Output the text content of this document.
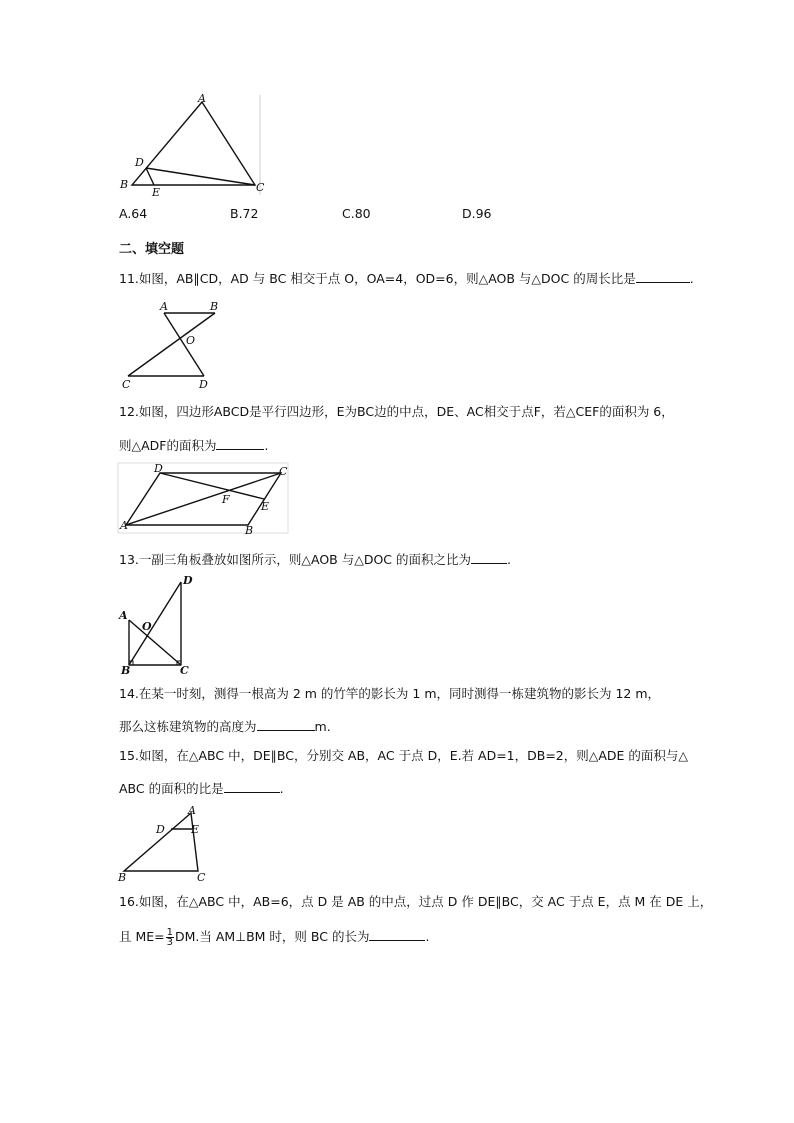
A
B	C
D
E
A.64	B.72	C.80	D.96
二、填空题
11.如图，AB∥CD，AD 与 BC 相交于点 O，OA=4，OD=6，则△AOB 与△DOC 的周长比是	.
A	B
O
C	D
12.如图，四边形ABCD是平行四边形，E为BC边的中点，DE、AC相交于点F，若△CEF的面积为 6，
则△ADF的面积为	.
A	B
C
D
E
F
13.一副三角板叠放如图所示，则△AOB 与△DOC 的面积之比为	.
A
B	C
D
O
14.在某一时刻，测得一根高为 2 m 的竹竿的影长为 1 m，同时测得一栋建筑物的影长为 12 m，
那么这栋建筑物的高度为	m.
15.如图，在△ABC 中，DE∥BC，分别交 AB，AC 于点 D，E.若 AD=1，DB=2，则△ADE 的面积与△
ABC 的面积的比是	.
A
B	C
D E
16.如图，在△ABC 中，AB=6，点 D 是 AB 的中点，过点 D 作 DE∥BC，交 AC 于点 E，点 M 在 DE 上，
且 $ME= \frac{1}{3}$ DM.当 AM⊥BM 时，则 BC 的长为	.
